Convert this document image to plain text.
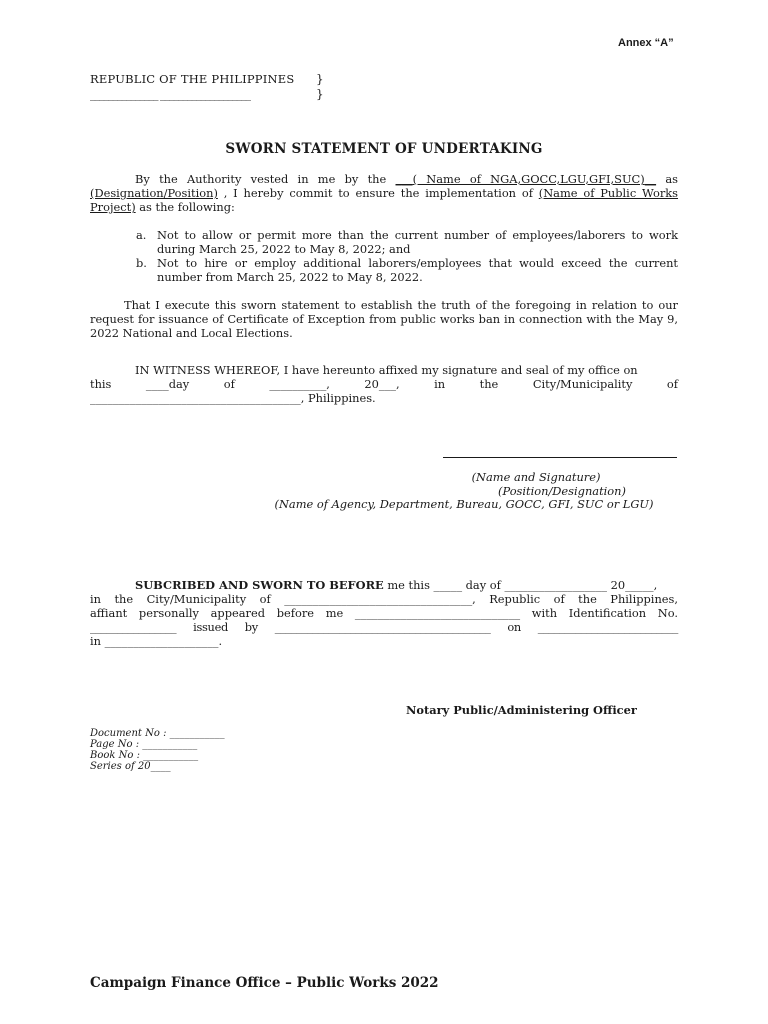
Annex “A”
REPUBLIC OF THE PHILIPPINES }
}
_______________ ____________________
SWORN STATEMENT OF UNDERTAKING
By the Authority vested in me by the ___( Name of NGA,GOCC,LGU,GFI,SUC)__ as (Designation/Position) , I hereby commit to ensure the implementation of (Name of Public Works Project) as the following:
a. Not to allow or permit more than the current number of employees/laborers to work during March 25, 2022 to May 8, 2022; and
b. Not to hire or employ additional laborers/employees that would exceed the current number from March 25, 2022 to May 8, 2022.
That I execute this sworn statement to establish the truth of the foregoing in relation to our request for issuance of Certificate of Exception from public works ban in connection with the May 9, 2022 National and Local Elections.
IN WITNESS WHEREOF, I have hereunto affixed my signature and seal of my office on
this ____day of __________, 20___, in the City/Municipality of
_____________________________________, Philippines.
(Name and Signature)
(Position/Designation)
(Name of Agency, Department, Bureau, GOCC, GFI, SUC or LGU)
SUBCRIBED AND SWORN TO BEFORE me this _____ day of __________________ 20_____,
in the City/Municipality of _________________________________, Republic of the Philippines,
affiant personally appeared before me _____________________________ with Identification No.
________________ issued by ________________________________________ on __________________________
in ____________________.
Notary Public/Administering Officer
Document No : ___________
Page No : ___________
Book No : ___________
Series of 20____
Campaign Finance Office – Public Works 2022
